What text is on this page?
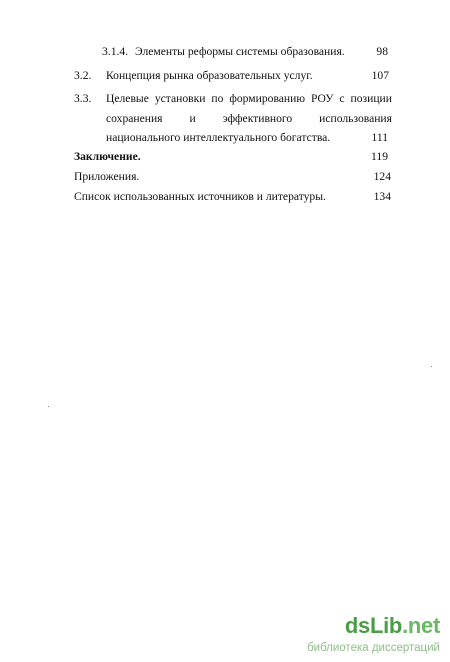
3.1.4. Элементы реформы системы образования.	98
3.2. Концепция рынка образовательных услуг.	107
3.3. Целевые установки по формированию РОУ с позиции
сохранения и эффективного использования
национального интеллектуального богатства.	111
Заключение.	119
Приложения.	124
Список использованных источников и литературы.	134
dsLib.net
библиотека диссертаций
